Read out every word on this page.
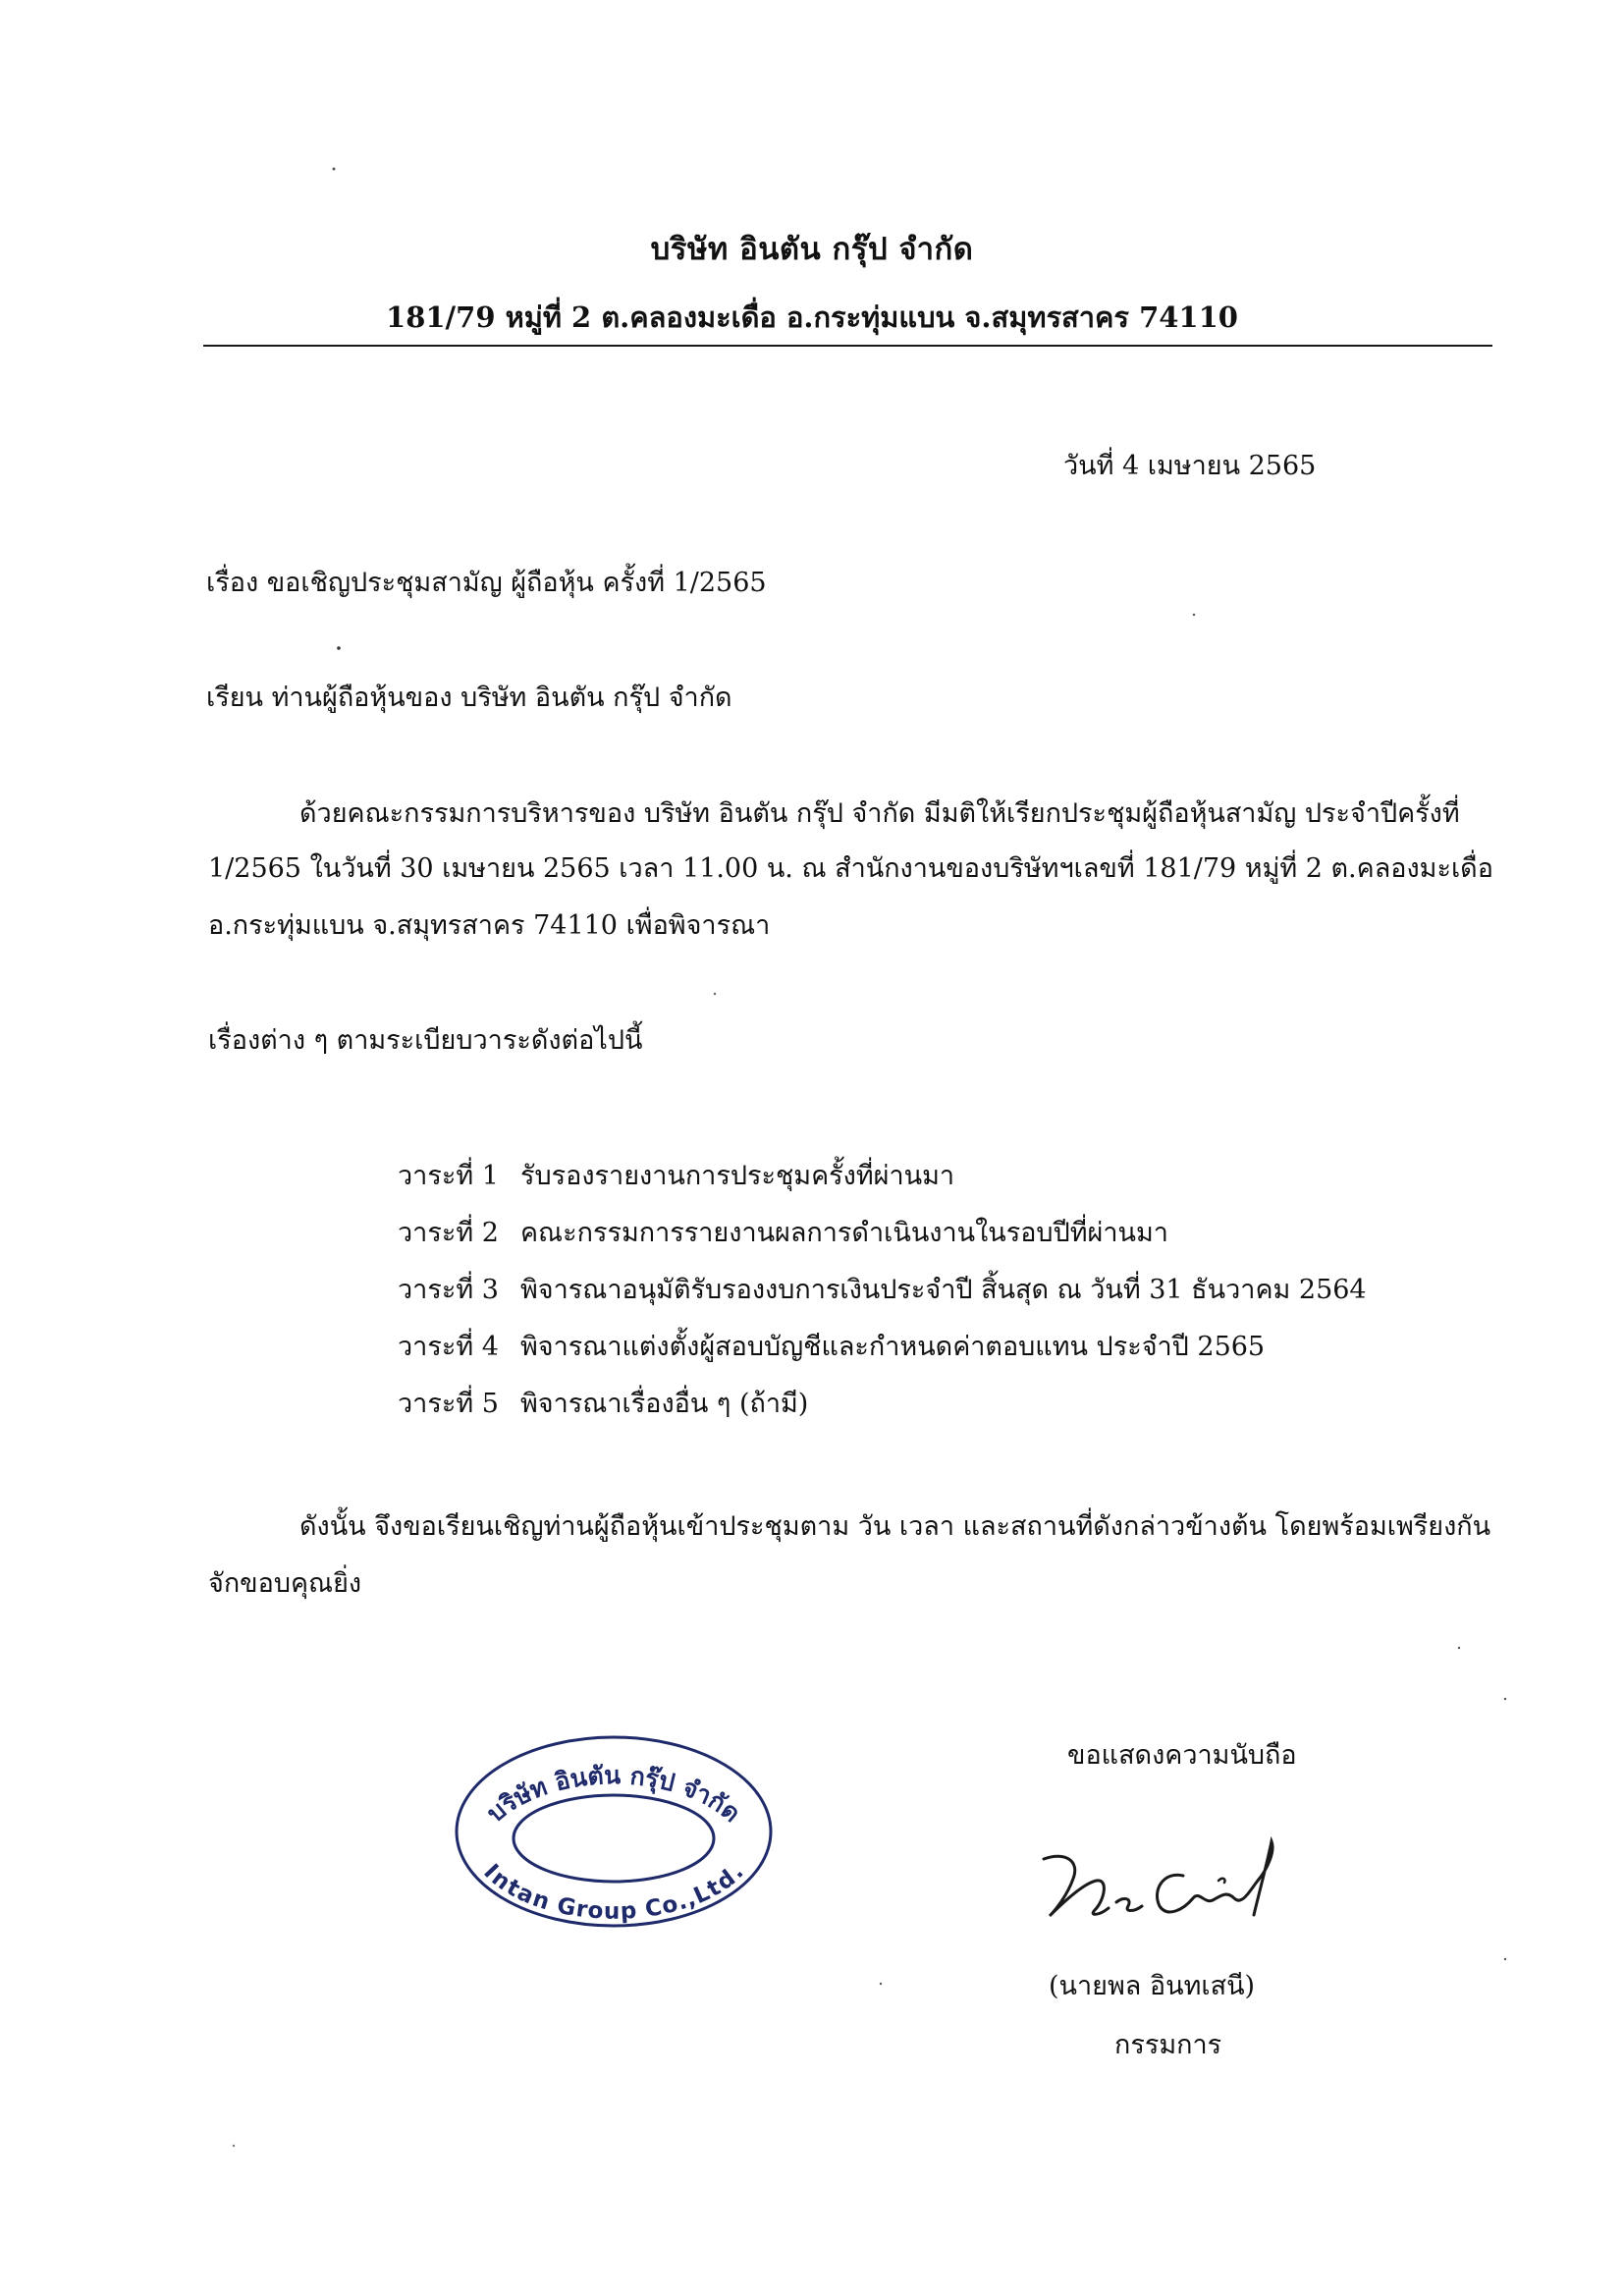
บริษัท อินตัน กรุ๊ป จำกัด
181/79 หมู่ที่ 2 ต.คลองมะเดื่อ อ.กระทุ่มแบน จ.สมุทรสาคร 74110
วันที่ 4 เมษายน 2565
เรื่อง ขอเชิญประชุมสามัญ ผู้ถือหุ้น ครั้งที่ 1/2565
เรียน ท่านผู้ถือหุ้นของ บริษัท อินตัน กรุ๊ป จำกัด
ด้วยคณะกรรมการบริหารของ บริษัท อินตัน กรุ๊ป จำกัด มีมติให้เรียกประชุมผู้ถือหุ้นสามัญ ประจำปีครั้งที่
1/2565 ในวันที่ 30 เมษายน 2565 เวลา 11.00 น. ณ สำนักงานของบริษัทฯเลขที่ 181/79 หมู่ที่ 2 ต.คลองมะเดื่อ
อ.กระทุ่มแบน จ.สมุทรสาคร 74110 เพื่อพิจารณา
เรื่องต่าง ๆ ตามระเบียบวาระดังต่อไปนี้
วาระที่ 1 รับรองรายงานการประชุมครั้งที่ผ่านมา
วาระที่ 2 คณะกรรมการรายงานผลการดำเนินงานในรอบปีที่ผ่านมา
วาระที่ 3 พิจารณาอนุมัติรับรองงบการเงินประจำปี สิ้นสุด ณ วันที่ 31 ธันวาคม 2564
วาระที่ 4 พิจารณาแต่งตั้งผู้สอบบัญชีและกำหนดค่าตอบแทน ประจำปี 2565
วาระที่ 5 พิจารณาเรื่องอื่น ๆ (ถ้ามี)
ดังนั้น จึงขอเรียนเชิญท่านผู้ถือหุ้นเข้าประชุมตาม วัน เวลา และสถานที่ดังกล่าวข้างต้น โดยพร้อมเพรียงกัน
จักขอบคุณยิ่ง
ขอแสดงความนับถือ
บริษัท อินตัน กรุ๊ป จำกัด
Intan Group Co.,Ltd.
(นายพล อินทเสนี)
กรรมการ
